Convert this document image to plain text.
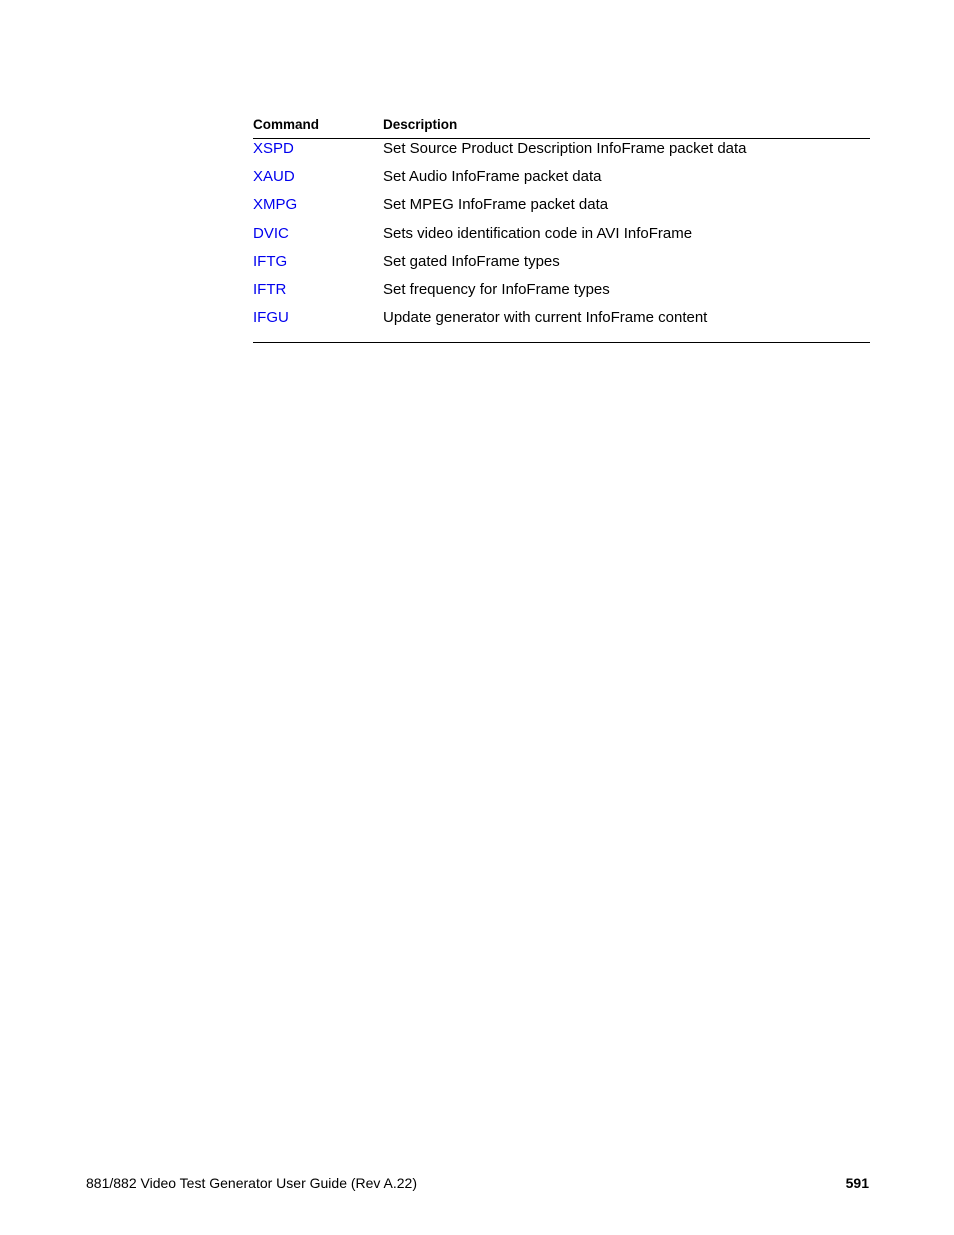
Command	Description
XSPD	Set Source Product Description InfoFrame packet data
XAUD	Set Audio InfoFrame packet data
XMPG	Set MPEG InfoFrame packet data
DVIC	Sets video identification code in AVI InfoFrame
IFTG	Set gated InfoFrame types
IFTR	Set frequency for InfoFrame types
IFGU	Update generator with current InfoFrame content
881/882 Video Test Generator User Guide (Rev A.22)	591
